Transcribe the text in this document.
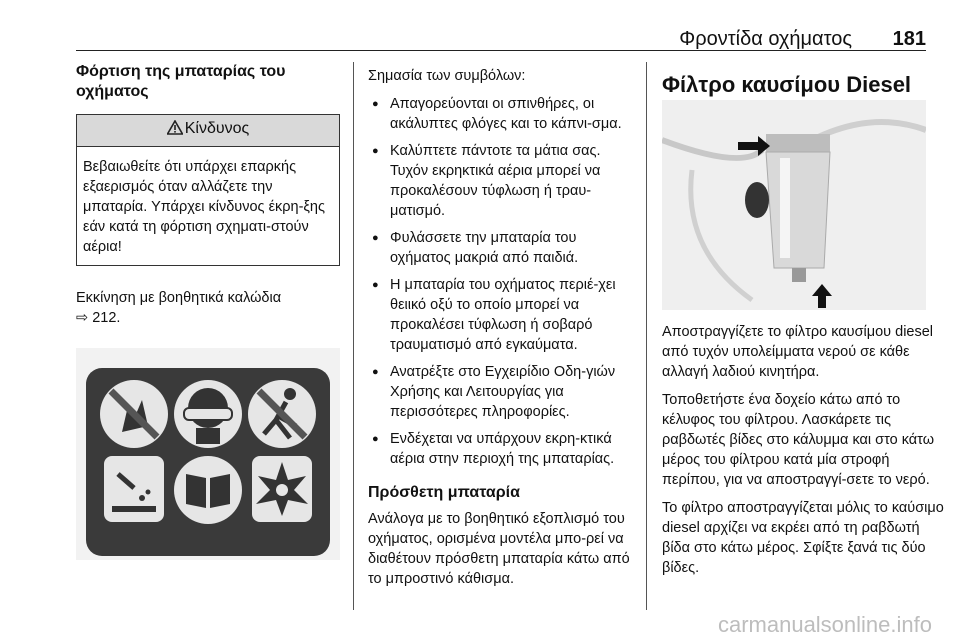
Φροντίδα οχήματος 181
Φόρτιση της μπαταρίας του οχήματος
Κίνδυνος
Βεβαιωθείτε ότι υπάρχει επαρκής εξαερισμός όταν αλλάζετε την μπαταρία. Υπάρχει κίνδυνος έκρη-ξης εάν κατά τη φόρτιση σχηματι-στούν αέρια!
Εκκίνηση με βοηθητικά καλώδια
⇨ 212.
Σημασία των συμβόλων:
● Απαγορεύονται οι σπινθήρες, οι ακάλυπτες φλόγες και το κάπνι-σμα.
● Καλύπτετε πάντοτε τα μάτια σας. Τυχόν εκρηκτικά αέρια μπορεί να προκαλέσουν τύφλωση ή τραυ-ματισμό.
● Φυλάσσετε την μπαταρία του οχήματος μακριά από παιδιά.
● Η μπαταρία του οχήματος περιέ-χει θειικό οξύ το οποίο μπορεί να προκαλέσει τύφλωση ή σοβαρό τραυματισμό από εγκαύματα.
● Ανατρέξτε στο Εγχειρίδιο Οδη-γιών Χρήσης και Λειτουργίας για περισσότερες πληροφορίες.
● Ενδέχεται να υπάρχουν εκρη-κτικά αέρια στην περιοχή της μπαταρίας.
Πρόσθετη μπαταρία
Ανάλογα με το βοηθητικό εξοπλισμό του οχήματος, ορισμένα μοντέλα μπο-ρεί να διαθέτουν πρόσθετη μπαταρία κάτω από το μπροστινό κάθισμα.
Φίλτρο καυσίμου Diesel
Αποστραγγίζετε το φίλτρο καυσίμου diesel από τυχόν υπολείμματα νερού σε κάθε αλλαγή λαδιού κινητήρα.
Τοποθετήστε ένα δοχείο κάτω από το κέλυφος του φίλτρου. Λασκάρετε τις ραβδωτές βίδες στο κάλυμμα και στο κάτω μέρος του φίλτρου κατά μία στροφή περίπου, για να αποστραγγί-σετε το νερό.
Το φίλτρο αποστραγγίζεται μόλις το καύσιμο diesel αρχίζει να εκρέει από τη ραβδωτή βίδα στο κάτω μέρος. Σφίξτε ξανά τις δύο βίδες.
carmanualsonline.info
